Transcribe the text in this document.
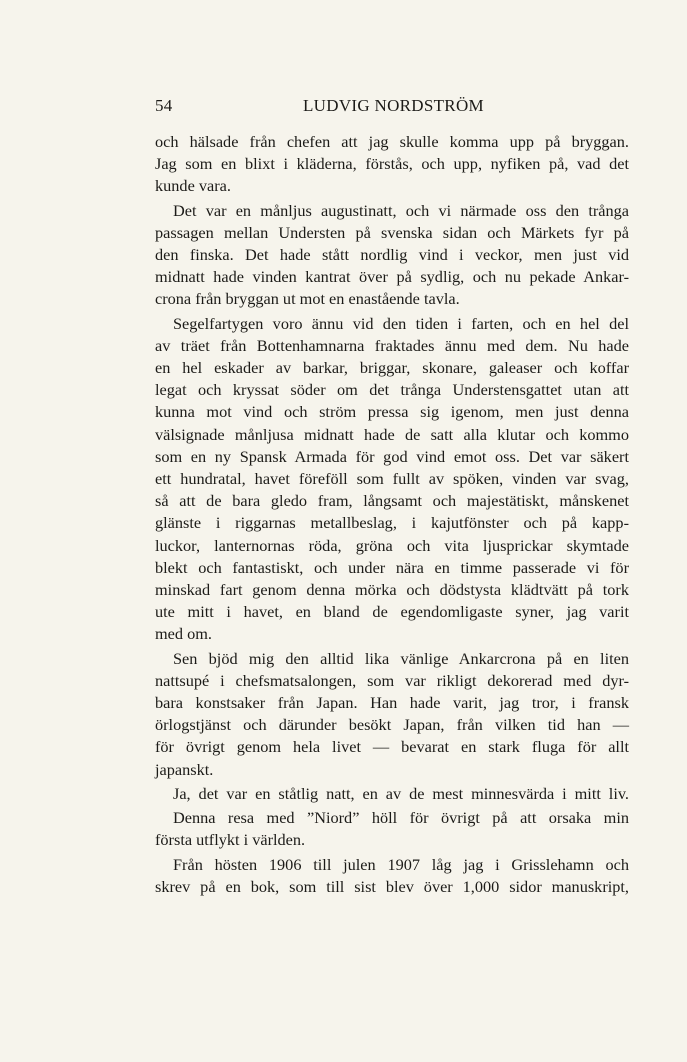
54	LUDVIG NORDSTRÖM
och hälsade från chefen att jag skulle komma upp på bryggan.
Jag som en blixt i kläderna, förstås, och upp, nyfiken på, vad det
kunde vara.
Det var en månljus augustinatt, och vi närmade oss den trånga
passagen mellan Understen på svenska sidan och Märkets fyr på
den finska. Det hade stått nordlig vind i veckor, men just vid
midnatt hade vinden kantrat över på sydlig, och nu pekade Ankar-
crona från bryggan ut mot en enastående tavla.
Segelfartygen voro ännu vid den tiden i farten, och en hel del
av träet från Bottenhamnarna fraktades ännu med dem. Nu hade
en hel eskader av barkar, briggar, skonare, galeaser och koffar
legat och kryssat söder om det trånga Understensgattet utan att
kunna mot vind och ström pressa sig igenom, men just denna
välsignade månljusa midnatt hade de satt alla klutar och kommo
som en ny Spansk Armada för god vind emot oss. Det var säkert
ett hundratal, havet föreföll som fullt av spöken, vinden var svag,
så att de bara gledo fram, långsamt och majestätiskt, månskenet
glänste i riggarnas metallbeslag, i kajutfönster och på kapp-
luckor, lanternornas röda, gröna och vita ljusprickar skymtade
blekt och fantastiskt, och under nära en timme passerade vi för
minskad fart genom denna mörka och dödstysta klädtvätt på tork
ute mitt i havet, en bland de egendomligaste syner, jag varit
med om.
Sen bjöd mig den alltid lika vänlige Ankarcrona på en liten
nattsupé i chefsmatsalongen, som var rikligt dekorerad med dyr-
bara konstsaker från Japan. Han hade varit, jag tror, i fransk
örlogstjänst och därunder besökt Japan, från vilken tid han —
för övrigt genom hela livet — bevarat en stark fluga för allt
japanskt.
Ja, det var en ståtlig natt, en av de mest minnesvärda i mitt liv.
Denna resa med ”Niord” höll för övrigt på att orsaka min
första utflykt i världen.
Från hösten 1906 till julen 1907 låg jag i Grisslehamn och
skrev på en bok, som till sist blev över 1,000 sidor manuskript,
